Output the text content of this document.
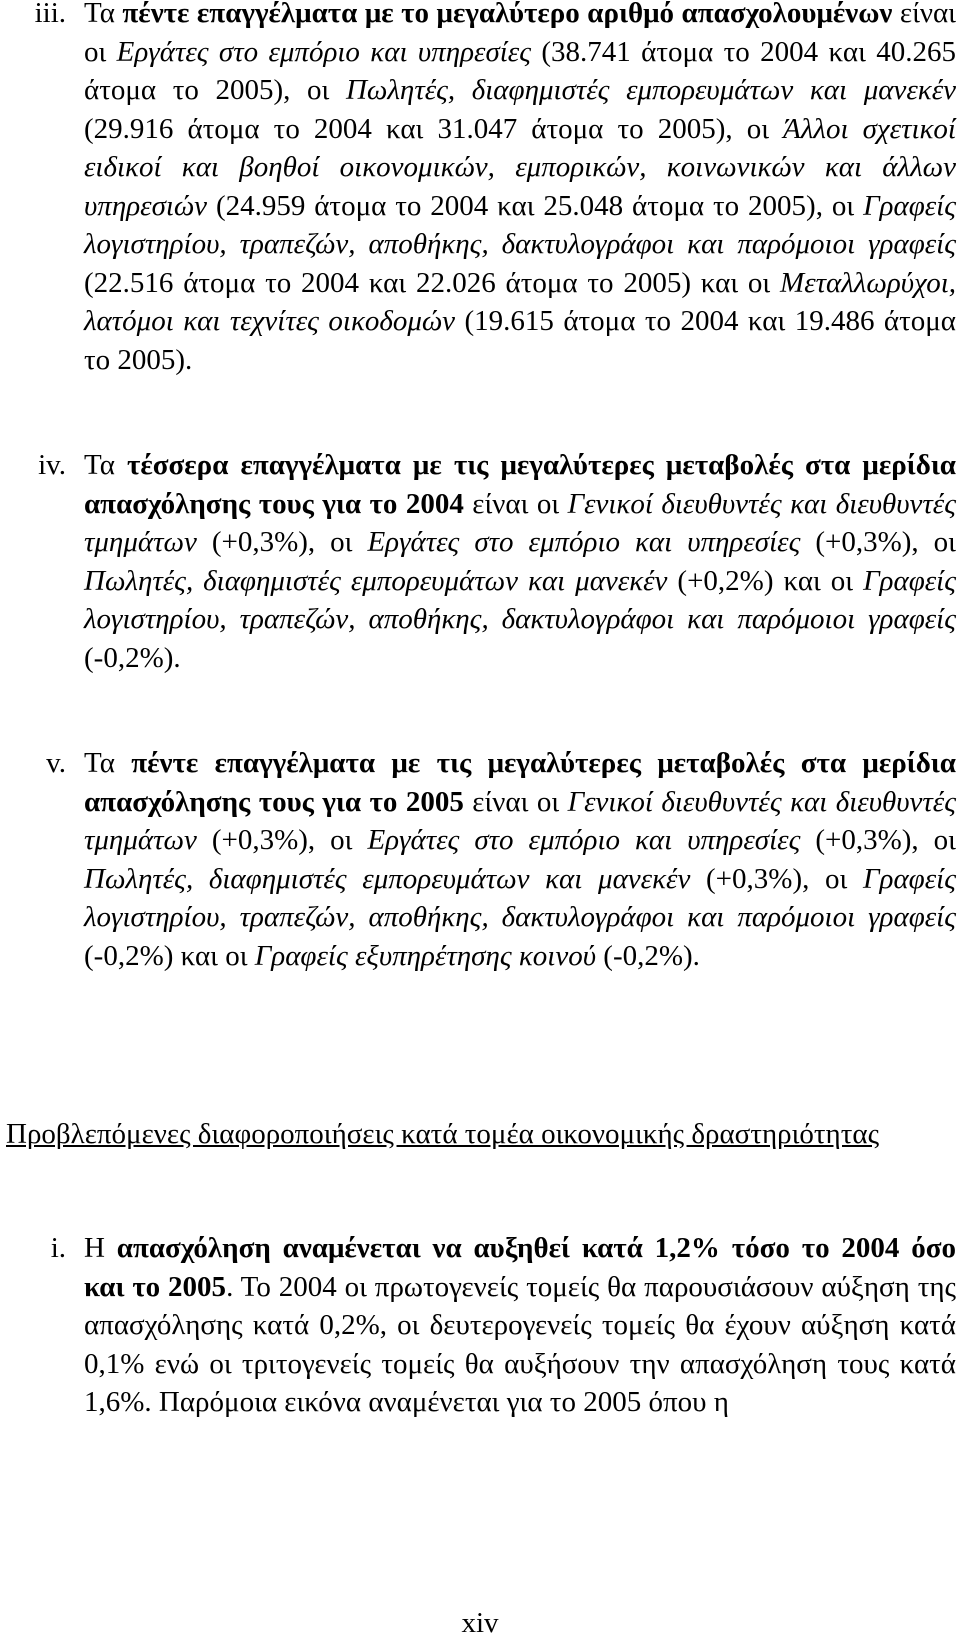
iii. Τα πέντε επαγγέλματα με το μεγαλύτερο αριθμό απασχολουμένων είναι οι Εργάτες στο εμπόριο και υπηρεσίες (38.741 άτομα το 2004 και 40.265 άτομα το 2005), οι Πωλητές, διαφημιστές εμπορευμάτων και μανεκέν (29.916 άτομα το 2004 και 31.047 άτομα το 2005), οι Άλλοι σχετικοί ειδικοί και βοηθοί οικονομικών, εμπορικών, κοινωνικών και άλλων υπηρεσιών (24.959 άτομα το 2004 και 25.048 άτομα το 2005), οι Γραφείς λογιστηρίου, τραπεζών, αποθήκης, δακτυλογράφοι και παρόμοιοι γραφείς (22.516 άτομα το 2004 και 22.026 άτομα το 2005) και οι Μεταλλωρύχοι, λατόμοι και τεχνίτες οικοδομών (19.615 άτομα το 2004 και 19.486 άτομα το 2005).
iv. Τα τέσσερα επαγγέλματα με τις μεγαλύτερες μεταβολές στα μερίδια απασχόλησης τους για το 2004 είναι οι Γενικοί διευθυντές και διευθυντές τμημάτων (+0,3%), οι Εργάτες στο εμπόριο και υπηρεσίες (+0,3%), οι Πωλητές, διαφημιστές εμπορευμάτων και μανεκέν (+0,2%) και οι Γραφείς λογιστηρίου, τραπεζών, αποθήκης, δακτυλογράφοι και παρόμοιοι γραφείς (-0,2%).
v. Τα πέντε επαγγέλματα με τις μεγαλύτερες μεταβολές στα μερίδια απασχόλησης τους για το 2005 είναι οι Γενικοί διευθυντές και διευθυντές τμημάτων (+0,3%), οι Εργάτες στο εμπόριο και υπηρεσίες (+0,3%), οι Πωλητές, διαφημιστές εμπορευμάτων και μανεκέν (+0,3%), οι Γραφείς λογιστηρίου, τραπεζών, αποθήκης, δακτυλογράφοι και παρόμοιοι γραφείς (-0,2%) και οι Γραφείς εξυπηρέτησης κοινού (-0,2%).
Προβλεπόμενες διαφοροποιήσεις κατά τομέα οικονομικής δραστηριότητας
i. Η απασχόληση αναμένεται να αυξηθεί κατά 1,2% τόσο το 2004 όσο και το 2005. Το 2004 οι πρωτογενείς τομείς θα παρουσιάσουν αύξηση της απασχόλησης κατά 0,2%, οι δευτερογενείς τομείς θα έχουν αύξηση κατά 0,1% ενώ οι τριτογενείς τομείς θα αυξήσουν την απασχόληση τους κατά 1,6%. Παρόμοια εικόνα αναμένεται για το 2005 όπου η
xiv
